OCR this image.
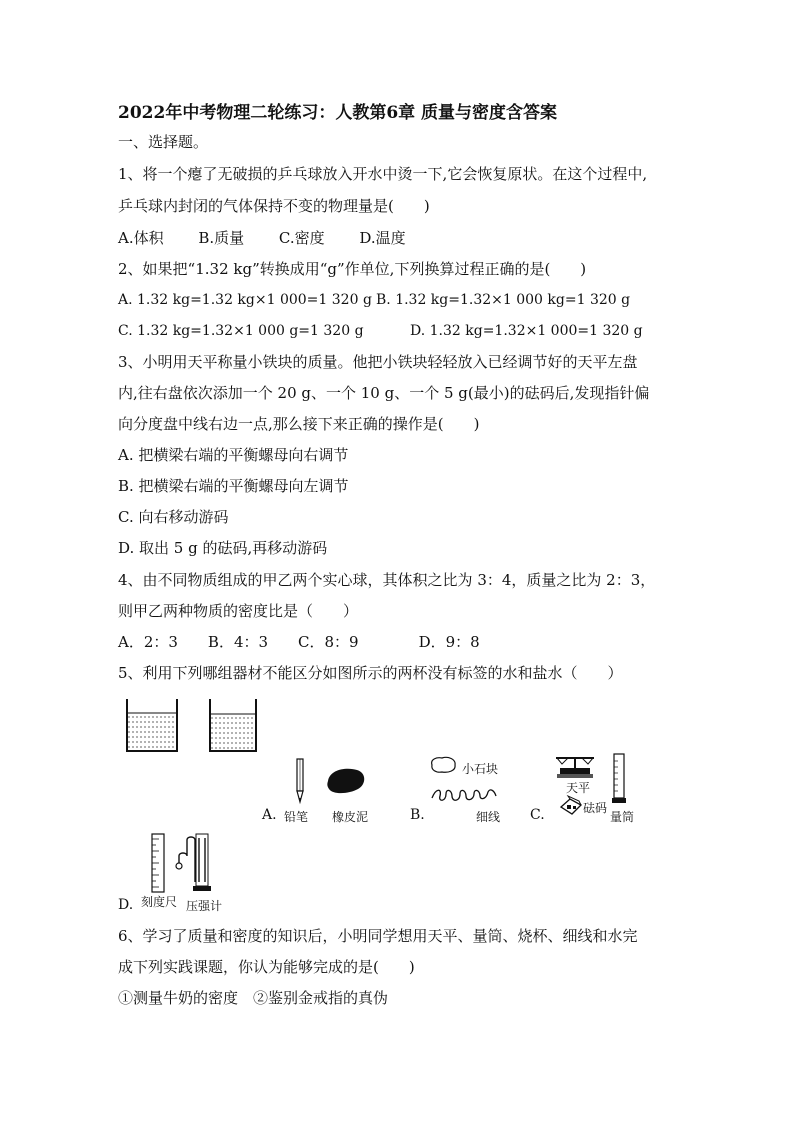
2022年中考物理二轮练习：人教第6章 质量与密度含答案
一、选择题。
1、将一个瘪了无破损的乒乓球放入开水中烫一下,它会恢复原状。在这个过程中,
乒乓球内封闭的气体保持不变的物理量是(　　)
A.体积　　 B.质量　　 C.密度　　 D.温度
2、如果把“1.32 kg”转换成用“g”作单位,下列换算过程正确的是(　　)
A. 1.32 kg=1.32 kg×1 000=1 320 g B. 1.32 kg=1.32×1 000 kg=1 320 g
C. 1.32 kg=1.32×1 000 g=1 320 g	D. 1.32 kg=1.32×1 000=1 320 g
3、小明用天平称量小铁块的质量。他把小铁块轻轻放入已经调节好的天平左盘
内,往右盘依次添加一个 20 g、一个 10 g、一个 5 g(最小)的砝码后,发现指针偏
向分度盘中线右边一点,那么接下来正确的操作是(　　)
A. 把横梁右端的平衡螺母向右调节
B. 把横梁右端的平衡螺母向左调节
C. 向右移动游码
D. 取出 5 g 的砝码,再移动游码
4、由不同物质组成的甲乙两个实心球，其体积之比为 3：4，质量之比为 2：3，
则甲乙两种物质的密度比是（　　）
A．2：3　　B．4：3　　C．8：9　　　　D．9：8
5、利用下列哪组器材不能区分如图所示的两杯没有标签的水和盐水（　　）
A. 铅笔 橡皮泥
小石块
B.	细线
天平
砝码
C.	量筒
D. 刻度尺 压强计
6、学习了质量和密度的知识后，小明同学想用天平、量筒、烧杯、细线和水完
成下列实践课题，你认为能够完成的是(　　)
①测量牛奶的密度　②鉴别金戒指的真伪
